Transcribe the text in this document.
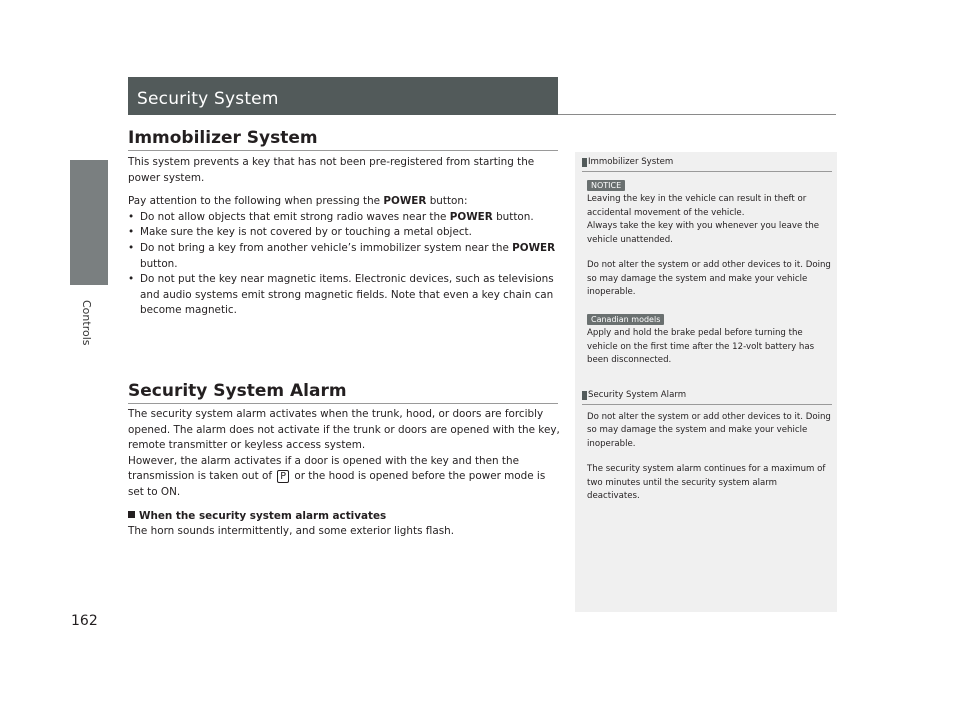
Controls
162
Security System
Immobilizer System

This system prevents a key that has not been pre-registered from starting the power system.

Pay attention to the following when pressing the POWER button:

• Do not allow objects that emit strong radio waves near the POWER button.
• Make sure the key is not covered by or touching a metal object.
• Do not bring a key from another vehicle’s immobilizer system near the POWER button.
• Do not put the key near magnetic items. Electronic devices, such as televisions and audio systems emit strong magnetic fields. Note that even a key chain can become magnetic.
Security System Alarm

The security system alarm activates when the trunk, hood, or doors are forcibly opened. The alarm does not activate if the trunk or doors are opened with the key, remote transmitter or keyless access system.

However, the alarm activates if a door is opened with the key and then the transmission is taken out of P or the hood is opened before the power mode is set to ON.

When the security system alarm activates

The horn sounds intermittently, and some exterior lights flash.

Immobilizer System
NOTICE

Leaving the key in the vehicle can result in theft or accidental movement of the vehicle.

Always take the key with you whenever you leave the vehicle unattended.

Do not alter the system or add other devices to it. Doing so may damage the system and make your vehicle inoperable.

Canadian models

Apply and hold the brake pedal before turning the vehicle on the first time after the 12-volt battery has been disconnected.

Security System Alarm

Do not alter the system or add other devices to it. Doing so may damage the system and make your vehicle inoperable.

The security system alarm continues for a maximum of two minutes until the security system alarm deactivates.
